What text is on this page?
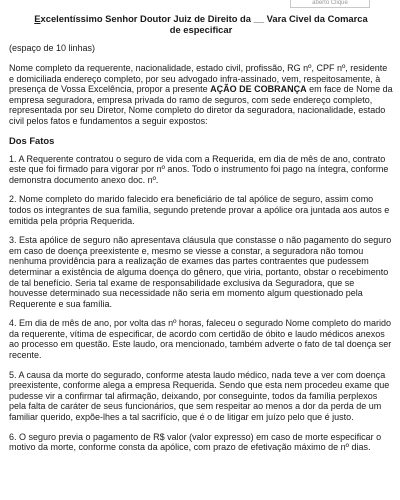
aberto Clique
Excelentíssimo Senhor Doutor Juiz de Direito da __ Vara Civel da Comarca
de especificar

(espaço de 10 linhas)

Nome completo da requerente, nacionalidade, estado civil, profissão, RG nº, CPF nº, residente e domiciliada endereço completo, por seu advogado infra-assinado, vem, respeitosamente, à presença de Vossa Excelência, propor a presente AÇÃO DE COBRANÇA em face de Nome da empresa seguradora, empresa privada do ramo de seguros, com sede endereço completo, representada por seu Diretor, Nome completo do diretor da seguradora, nacionalidade, estado civil pelos fatos e fundamentos a seguir expostos:

Dos Fatos

1. A Requerente contratou o seguro de vida com a Requerida, em dia de mês de ano, contrato este que foi firmado para vigorar por nº anos. Todo o instrumento foi pago na íntegra, conforme demonstra documento anexo doc. nº.

2. Nome completo do marido falecido era beneficiário de tal apólice de seguro, assim como todos os integrantes de sua família, segundo pretende provar a apólice ora juntada aos autos e emitida pela própria Requerida.

3. Esta apólice de seguro não apresentava cláusula que constasse o não pagamento do seguro em caso de doença preexistente e, mesmo se viesse a constar, a seguradora não tomou nenhuma providência para a realização de exames das partes contraentes que pudessem determinar a existência de alguma doença do gênero, que viria, portanto, obstar o recebimento de tal benefício. Seria tal exame de responsabilidade exclusiva da Seguradora, que se houvesse determinado sua necessidade não seria em momento algum questionado pela Requerente e sua família.

4. Em dia de mês de ano, por volta das nº horas, faleceu o segurado Nome completo do marido da requerente, vítima de especificar, de acordo com certidão de óbito e laudo médicos anexos ao processo em questão. Este laudo, ora mencionado, também adverte o fato de tal doença ser recente.

5. A causa da morte do segurado, conforme atesta laudo médico, nada teve a ver com doença preexistente, conforme alega a empresa Requerida. Sendo que esta nem procedeu exame que pudesse vir a confirmar tal afirmação, deixando, por conseguinte, todos da família perplexos pela falta de caráter de seus funcionários, que sem respeitar ao menos a dor da perda de um familiar querido, expõe-lhes a tal sacrifício, que é o de litigar em juízo pelo que é justo.

6. O seguro previa o pagamento de R$ valor (valor expresso) em caso de morte especificar o motivo da morte, conforme consta da apólice, com prazo de efetivação máximo de nº dias.
